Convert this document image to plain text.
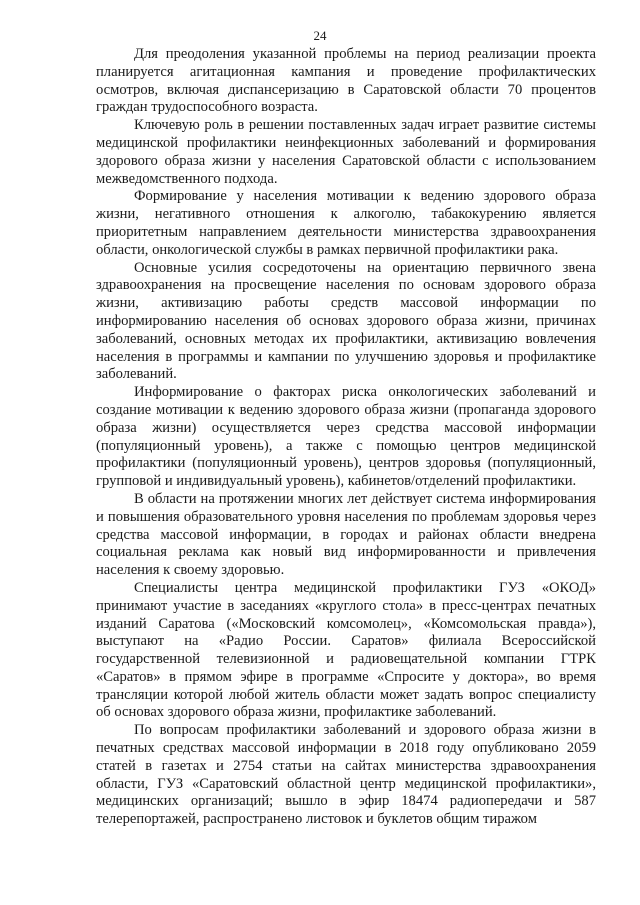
24

Для преодоления указанной проблемы на период реализации проекта планируется агитационная кампания и проведение профилактических осмотров, включая диспансеризацию в Саратовской области 70 процентов граждан трудоспособного возраста.

Ключевую роль в решении поставленных задач играет развитие системы медицинской профилактики неинфекционных заболеваний и формирования здорового образа жизни у населения Саратовской области с использованием межведомственного подхода.

Формирование у населения мотивации к ведению здорового образа жизни, негативного отношения к алкоголю, табакокурению является приоритетным направлением деятельности министерства здравоохранения области, онкологической службы в рамках первичной профилактики рака.

Основные усилия сосредоточены на ориентацию первичного звена здравоохранения на просвещение населения по основам здорового образа жизни, активизацию работы средств массовой информации по информированию населения об основах здорового образа жизни, причинах заболеваний, основных методах их профилактики, активизацию вовлечения населения в программы и кампании по улучшению здоровья и профилактике заболеваний.

Информирование о факторах риска онкологических заболеваний и создание мотивации к ведению здорового образа жизни (пропаганда здорового образа жизни) осуществляется через средства массовой информации (популяционный уровень), а также с помощью центров медицинской профилактики (популяционный уровень), центров здоровья (популяционный, групповой и индивидуальный уровень), кабинетов/отделений профилактики.

В области на протяжении многих лет действует система информирования и повышения образовательного уровня населения по проблемам здоровья через средства массовой информации, в городах и районах области внедрена социальная реклама как новый вид информированности и привлечения населения к своему здоровью.

Специалисты центра медицинской профилактики ГУЗ «ОКОД» принимают участие в заседаниях «круглого стола» в пресс-центрах печатных изданий Саратова («Московский комсомолец», «Комсомольская правда»), выступают на «Радио России. Саратов» филиала Всероссийской государственной телевизионной и радиовещательной компании ГТРК «Саратов» в прямом эфире в программе «Спросите у доктора», во время трансляции которой любой житель области может задать вопрос специалисту об основах здорового образа жизни, профилактике заболеваний.

По вопросам профилактики заболеваний и здорового образа жизни в печатных средствах массовой информации в 2018 году опубликовано 2059 статей в газетах и 2754 статьи на сайтах министерства здравоохранения области, ГУЗ «Саратовский областной центр медицинской профилактики», медицинских организаций; вышло в эфир 18474 радиопередачи и 587 телерепортажей, распространено листовок и буклетов общим тиражом
